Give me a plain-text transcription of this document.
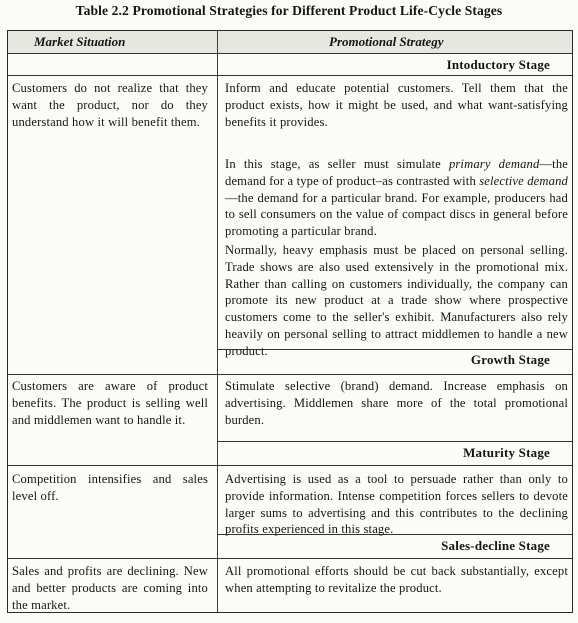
Table 2.2 Promotional Strategies for Different Product Life-Cycle Stages
Market Situation	Promotional Strategy
Intoductory Stage
Customers do not realize that they want the product, nor do they understand how it will benefit them.
Inform and educate potential customers. Tell them that the product exists, how it might be used, and what want-satisfying benefits it provides.
In this stage, as seller must simulate primary demand—the demand for a type of product–as contrasted with selective demand—the demand for a particular brand. For example, producers had to sell consumers on the value of compact discs in general before promoting a particular brand.
Normally, heavy emphasis must be placed on personal selling. Trade shows are also used extensively in the promotional mix. Rather than calling on customers individually, the company can promote its new product at a trade show where prospective customers come to the seller's exhibit. Manufacturers also rely heavily on personal selling to attract middlemen to handle a new product.
Growth Stage
Customers are aware of product benefits. The product is selling well and middlemen want to handle it.
Stimulate selective (brand) demand. Increase emphasis on advertising. Middlemen share more of the total promotional burden.
Maturity Stage
Competition intensifies and sales level off.
Advertising is used as a tool to persuade rather than only to provide information. Intense competition forces sellers to devote larger sums to advertising and this contributes to the declining profits experienced in this stage.
Sales-decline Stage
Sales and profits are declining. New and better products are coming into the market.
All promotional efforts should be cut back substantially, except when attempting to revitalize the product.
